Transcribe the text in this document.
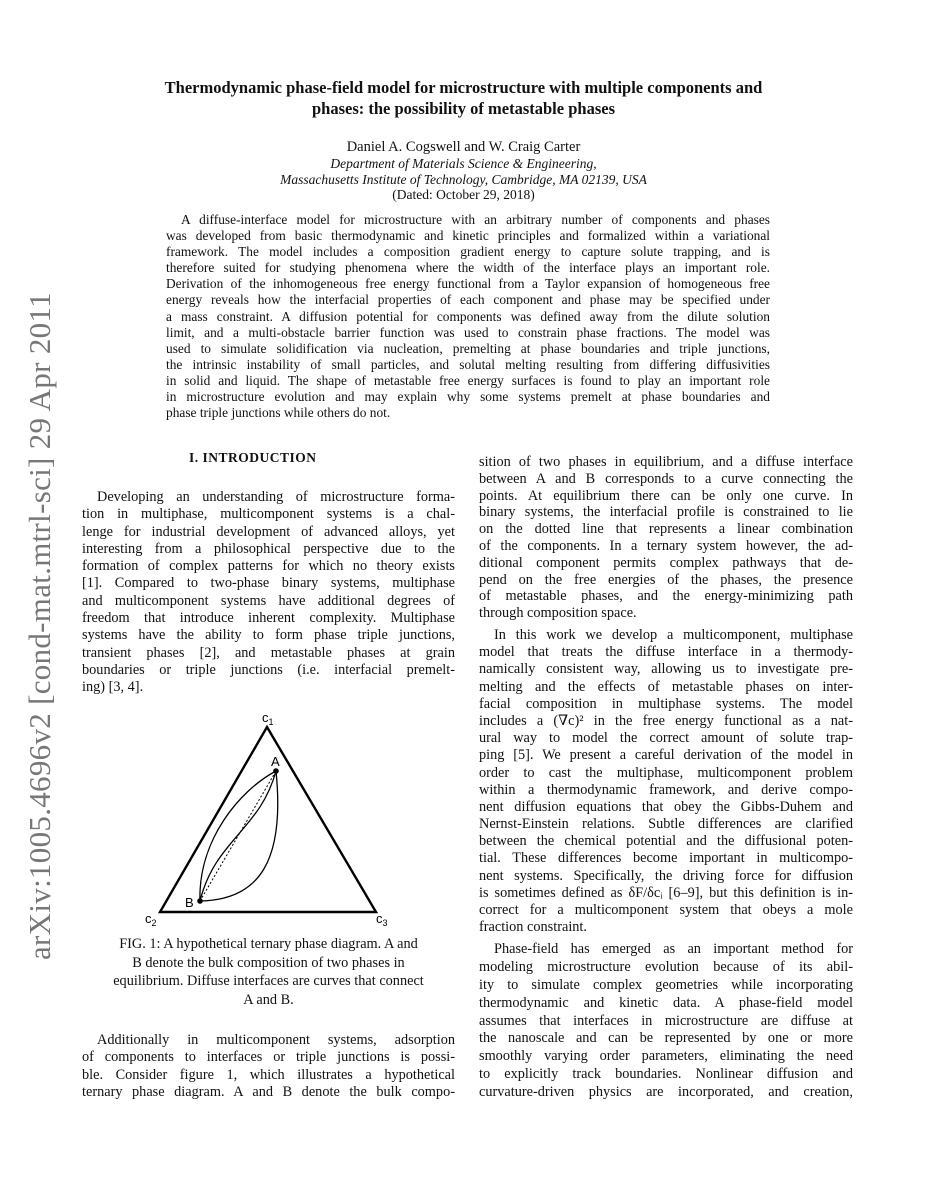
arXiv:1005.4696v2 [cond-mat.mtrl-sci] 29 Apr 2011
Thermodynamic phase-field model for microstructure with multiple components and
phases: the possibility of metastable phases
Daniel A. Cogswell and W. Craig Carter
Department of Materials Science & Engineering,
Massachusetts Institute of Technology, Cambridge, MA 02139, USA
(Dated: October 29, 2018)
A diffuse-interface model for microstructure with an arbitrary number of components and phases
was developed from basic thermodynamic and kinetic principles and formalized within a variational
framework. The model includes a composition gradient energy to capture solute trapping, and is
therefore suited for studying phenomena where the width of the interface plays an important role.
Derivation of the inhomogeneous free energy functional from a Taylor expansion of homogeneous free
energy reveals how the interfacial properties of each component and phase may be specified under
a mass constraint. A diffusion potential for components was defined away from the dilute solution
limit, and a multi-obstacle barrier function was used to constrain phase fractions. The model was
used to simulate solidification via nucleation, premelting at phase boundaries and triple junctions,
the intrinsic instability of small particles, and solutal melting resulting from differing diffusivities
in solid and liquid. The shape of metastable free energy surfaces is found to play an important role
in microstructure evolution and may explain why some systems premelt at phase boundaries and
phase triple junctions while others do not.
I. INTRODUCTION
Developing an understanding of microstructure forma-
tion in multiphase, multicomponent systems is a chal-
lenge for industrial development of advanced alloys, yet
interesting from a philosophical perspective due to the
formation of complex patterns for which no theory exists
[1]. Compared to two-phase binary systems, multiphase
and multicomponent systems have additional degrees of
freedom that introduce inherent complexity. Multiphase
systems have the ability to form phase triple junctions,
transient phases [2], and metastable phases at grain
boundaries or triple junctions (i.e. interfacial premelt-
ing) [3, 4].
$c_1$
$c_2$	$c_3$
A
B
FIG. 1: A hypothetical ternary phase diagram. A and
B denote the bulk composition of two phases in
equilibrium. Diffuse interfaces are curves that connect
A and B.
Additionally in multicomponent systems, adsorption
of components to interfaces or triple junctions is possi-
ble. Consider figure 1, which illustrates a hypothetical
ternary phase diagram. A and B denote the bulk compo-
sition of two phases in equilibrium, and a diffuse interface
between A and B corresponds to a curve connecting the
points. At equilibrium there can be only one curve. In
binary systems, the interfacial profile is constrained to lie
on the dotted line that represents a linear combination
of the components. In a ternary system however, the ad-
ditional component permits complex pathways that de-
pend on the free energies of the phases, the presence
of metastable phases, and the energy-minimizing path
through composition space.
In this work we develop a multicomponent, multiphase
model that treats the diffuse interface in a thermody-
namically consistent way, allowing us to investigate pre-
melting and the effects of metastable phases on inter-
facial composition in multiphase systems. The model
includes a (∇c)² in the free energy functional as a nat-
ural way to model the correct amount of solute trap-
ping [5]. We present a careful derivation of the model in
order to cast the multiphase, multicomponent problem
within a thermodynamic framework, and derive compo-
nent diffusion equations that obey the Gibbs-Duhem and
Nernst-Einstein relations. Subtle differences are clarified
between the chemical potential and the diffusional poten-
tial. These differences become important in multicompo-
nent systems. Specifically, the driving force for diffusion
is sometimes defined as δF/δcᵢ [6–9], but this definition is in-
correct for a multicomponent system that obeys a mole
fraction constraint.
Phase-field has emerged as an important method for
modeling microstructure evolution because of its abil-
ity to simulate complex geometries while incorporating
thermodynamic and kinetic data. A phase-field model
assumes that interfaces in microstructure are diffuse at
the nanoscale and can be represented by one or more
smoothly varying order parameters, eliminating the need
to explicitly track boundaries. Nonlinear diffusion and
curvature-driven physics are incorporated, and creation,
